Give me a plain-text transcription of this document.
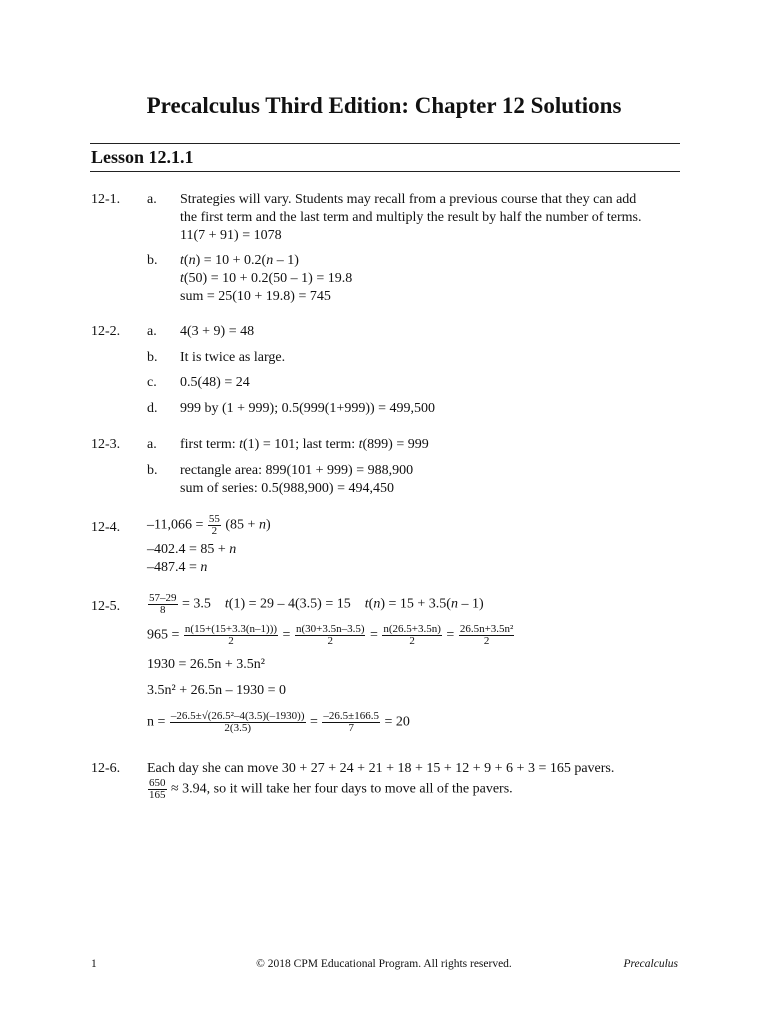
Precalculus Third Edition: Chapter 12 Solutions
Lesson 12.1.1
12-1. a. Strategies will vary. Students may recall from a previous course that they can add
the first term and the last term and multiply the result by half the number of terms.
11(7 + 91) = 1078
b. t(n) = 10 + 0.2(n – 1)
t(50) = 10 + 0.2(50 – 1) = 19.8
sum = 25(10 + 19.8) = 745
12-2. a. 4(3 + 9) = 48
b. It is twice as large.
c. 0.5(48) = 24
d. 999 by (1 + 999); 0.5(999(1+999)) = 499,500
12-3. a. first term: t(1) = 101; last term: t(899) = 999
b. rectangle area: 899(101 + 999) = 988,900
sum of series: 0.5(988,900) = 494,450
12-4. $-11,066 = \frac{55}{2} (85 + n)$
–402.4 = 85 + n
–487.4 = n
12-5.	$\frac{57-29}{8} = 3.5$ t(1) = 29 – 4(3.5) = 15 t(n) = 15 + 3.5(n – 1)
$965 = \frac{n(15+(15+3.3(n-1)))}{2} = \frac{n(30+3.5n-3.5)}{2} = \frac{n(26.5+3.5n)}{2} = \frac{\text{26.5n+3.5n²}}{2}$
1930 = 26.5n + 3.5n²
3.5n² + 26.5n – 1930 = 0
$n = \frac{\text{–26.5±√(26.5²–4(3.5)(–1930))}}{2(3.5)} = \frac{-26.5\pm 166.5}{7} = 20$
12-6. Each day she can move 30 + 27 + 24 + 21 + 18 + 15 + 12 + 9 + 6 + 3 = 165 pavers.
$\frac{650}{165} \approx 3.94$, so it will take her four days to move all of the pavers.
1	© 2018 CPM Educational Program. All rights reserved.	Precalculus
